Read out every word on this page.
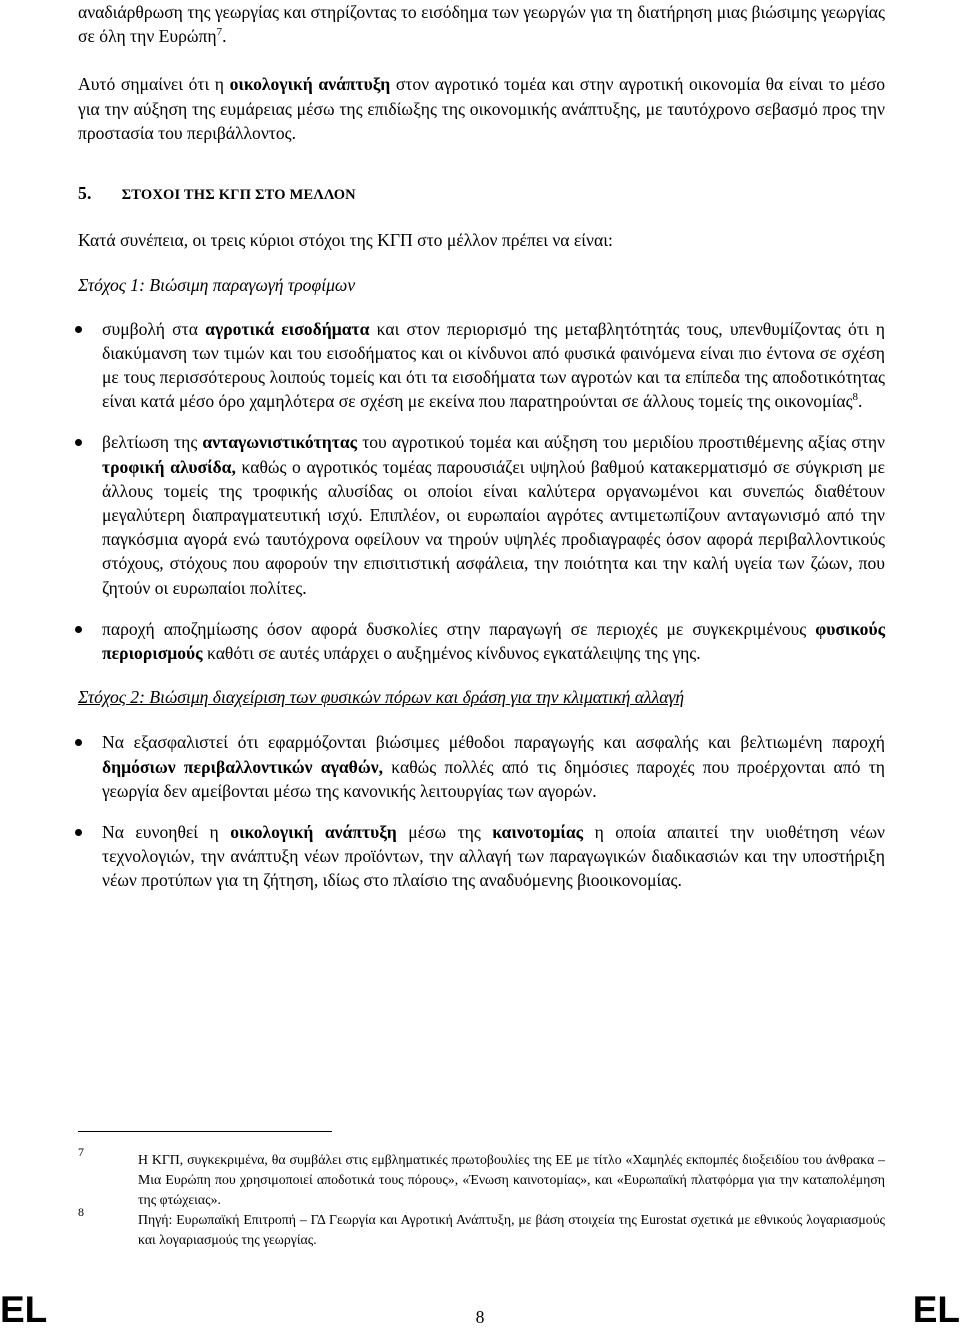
αναδιάρθρωση της γεωργίας και στηρίζοντας το εισόδημα των γεωργών για τη διατήρηση μιας βιώσιμης γεωργίας σε όλη την Ευρώπη$^7$.

Αυτό σημαίνει ότι η οικολογική ανάπτυξη στον αγροτικό τομέα και στην αγροτική οικονομία θα είναι το μέσο για την αύξηση της ευμάρειας μέσω της επιδίωξης της οικονομικής ανάπτυξης, με ταυτόχρονο σεβασμό προς την προστασία του περιβάλλοντος.

5. ΣΤΟΧΟΙ ΤΗΣ ΚΓΠ ΣΤΟ ΜΕΛΛΟΝ

Κατά συνέπεια, οι τρεις κύριοι στόχοι της ΚΓΠ στο μέλλον πρέπει να είναι:

Στόχος 1: Βιώσιμη παραγωγή τροφίμων

συμβολή στα αγροτικά εισοδήματα και στον περιορισμό της μεταβλητότητάς τους, υπενθυμίζοντας ότι η διακύμανση των τιμών και του εισοδήματος και οι κίνδυνοι από φυσικά φαινόμενα είναι πιο έντονα σε σχέση με τους περισσότερους λοιπούς τομείς και ότι τα εισοδήματα των αγροτών και τα επίπεδα της αποδοτικότητας είναι κατά μέσο όρο χαμηλότερα σε σχέση με εκείνα που παρατηρούνται σε άλλους τομείς της οικονομίας$^8$.
βελτίωση της ανταγωνιστικότητας του αγροτικού τομέα και αύξηση του μεριδίου προστιθέμενης αξίας στην τροφική αλυσίδα, καθώς ο αγροτικός τομέας παρουσιάζει υψηλού βαθμού κατακερματισμό σε σύγκριση με άλλους τομείς της τροφικής αλυσίδας οι οποίοι είναι καλύτερα οργανωμένοι και συνεπώς διαθέτουν μεγαλύτερη διαπραγματευτική ισχύ. Επιπλέον, οι ευρωπαίοι αγρότες αντιμετωπίζουν ανταγωνισμό από την παγκόσμια αγορά ενώ ταυτόχρονα οφείλουν να τηρούν υψηλές προδιαγραφές όσον αφορά περιβαλλοντικούς στόχους, στόχους που αφορούν την επισιτιστική ασφάλεια, την ποιότητα και την καλή υγεία των ζώων, που ζητούν οι ευρωπαίοι πολίτες.
παροχή αποζημίωσης όσον αφορά δυσκολίες στην παραγωγή σε περιοχές με συγκεκριμένους φυσικούς περιορισμούς καθότι σε αυτές υπάρχει ο αυξημένος κίνδυνος εγκατάλειψης της γης.

Στόχος 2: Βιώσιμη διαχείριση των φυσικών πόρων και δράση για την κλιματική αλλαγή

Να εξασφαλιστεί ότι εφαρμόζονται βιώσιμες μέθοδοι παραγωγής και ασφαλής και βελτιωμένη παροχή δημόσιων περιβαλλοντικών αγαθών, καθώς πολλές από τις δημόσιες παροχές που προέρχονται από τη γεωργία δεν αμείβονται μέσω της κανονικής λειτουργίας των αγορών.
Να ευνοηθεί η οικολογική ανάπτυξη μέσω της καινοτομίας η οποία απαιτεί την υιοθέτηση νέων τεχνολογιών, την ανάπτυξη νέων προϊόντων, την αλλαγή των παραγωγικών διαδικασιών και την υποστήριξη νέων προτύπων για τη ζήτηση, ιδίως στο πλαίσιο της αναδυόμενης βιοοικονομίας.
7	Η ΚΓΠ, συγκεκριμένα, θα συμβάλει στις εμβληματικές πρωτοβουλίες της ΕΕ με τίτλο «Χαμηλές εκπομπές διοξειδίου του άνθρακα – Μια Ευρώπη που χρησιμοποιεί αποδοτικά τους πόρους», «Ένωση καινοτομίας», και «Ευρωπαϊκή πλατφόρμα για την καταπολέμηση της φτώχειας».
8	Πηγή: Ευρωπαϊκή Επιτροπή – ΓΔ Γεωργία και Αγροτική Ανάπτυξη, με βάση στοιχεία της Eurostat σχετικά με εθνικούς λογαριασμούς και λογαριασμούς της γεωργίας.
EL	8	EL
